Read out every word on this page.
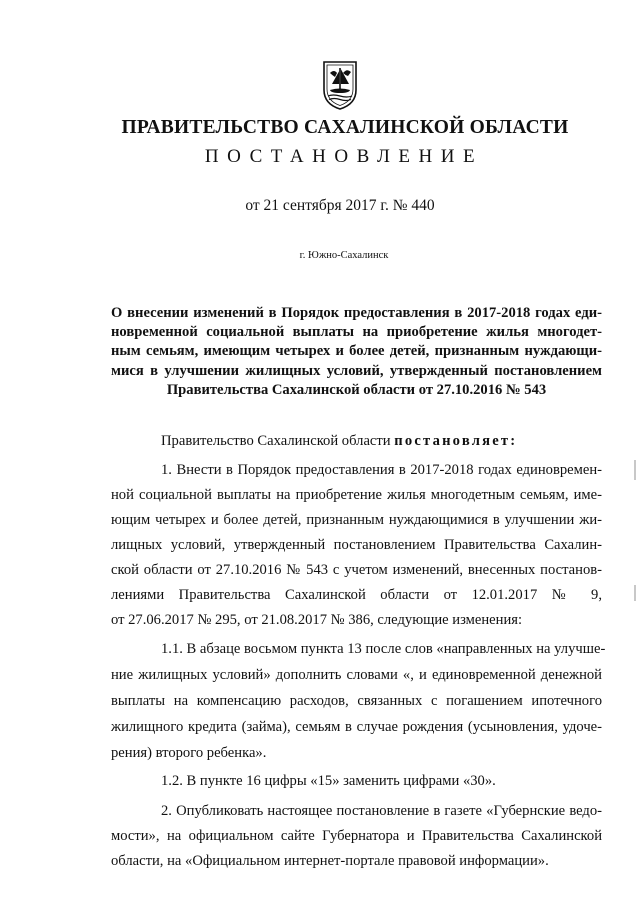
ПРАВИТЕЛЬСТВО САХАЛИНСКОЙ ОБЛАСТИ
ПОСТАНОВЛЕНИЕ
от 21 сентября 2017 г. № 440
г. Южно-Сахалинск
О внесении изменений в Порядок предоставления в 2017-2018 годах еди-
новременной социальной выплаты на приобретение жилья многодет-
ным семьям, имеющим четырех и более детей, признанным нуждающи-
мися в улучшении жилищных условий, утвержденный постановлением
Правительства Сахалинской области от 27.10.2016 № 543
Правительство Сахалинской области постановляет:
1. Внести в Порядок предоставления в 2017-2018 годах единовремен-
ной социальной выплаты на приобретение жилья многодетным семьям, име-
ющим четырех и более детей, признанным нуждающимися в улучшении жи-
лищных условий, утвержденный постановлением Правительства Сахалин-
ской области от 27.10.2016 № 543 с учетом изменений, внесенных постанов-
лениями Правительства Сахалинской области от 12.01.2017 № 9,
от 27.06.2017 № 295, от 21.08.2017 № 386, следующие изменения:
1.1. В абзаце восьмом пункта 13 после слов «направленных на улучше-
ние жилищных условий» дополнить словами «, и единовременной денежной
выплаты на компенсацию расходов, связанных с погашением ипотечного
жилищного кредита (займа), семьям в случае рождения (усыновления, удоче-
рения) второго ребенка».
1.2. В пункте 16 цифры «15» заменить цифрами «30».
2. Опубликовать настоящее постановление в газете «Губернские ведо-
мости», на официальном сайте Губернатора и Правительства Сахалинской
области, на «Официальном интернет-портале правовой информации».
